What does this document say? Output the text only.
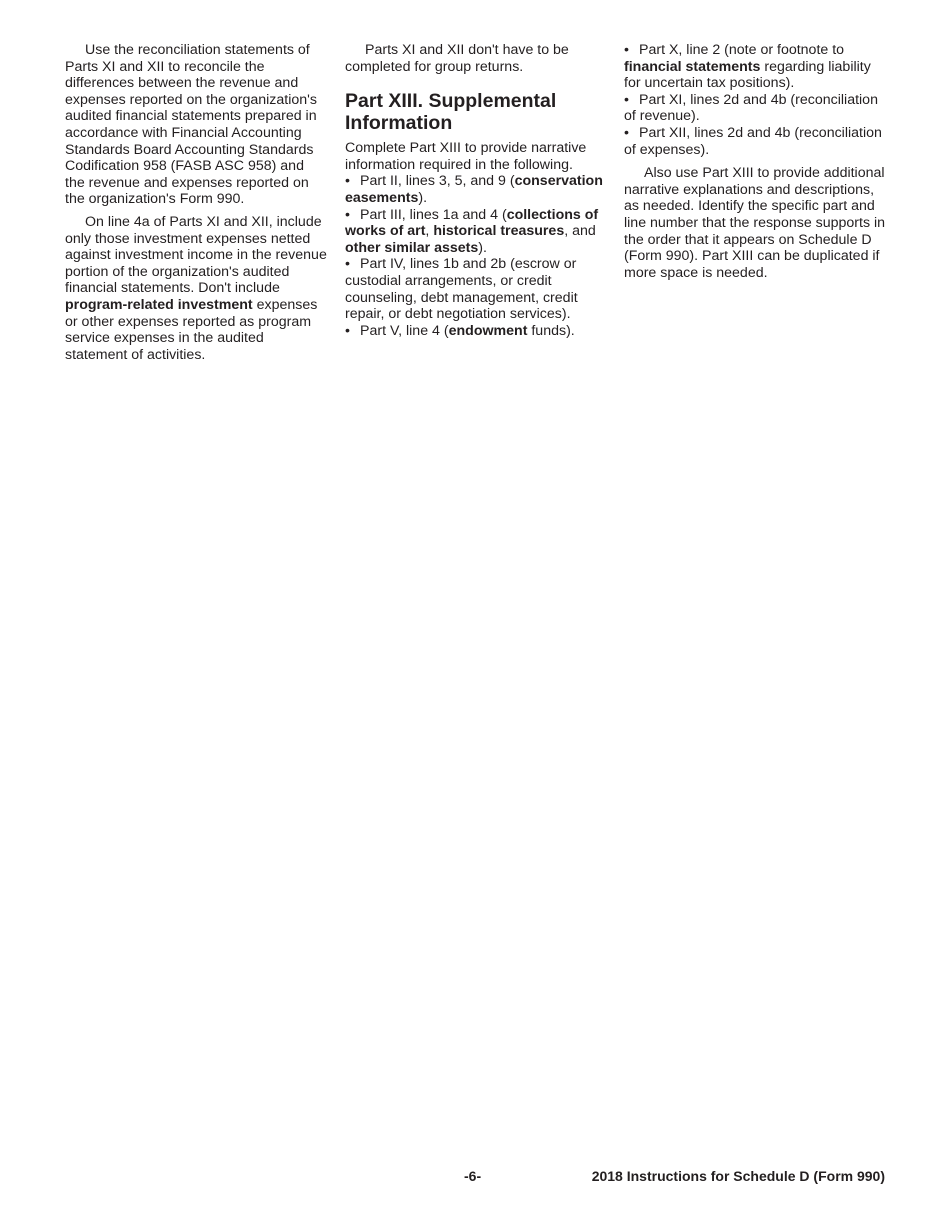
Use the reconciliation statements of Parts XI and XII to reconcile the differences between the revenue and expenses reported on the organization's audited financial statements prepared in accordance with Financial Accounting Standards Board Accounting Standards Codification 958 (FASB ASC 958) and the revenue and expenses reported on the organization's Form 990.

On line 4a of Parts XI and XII, include only those investment expenses netted against investment income in the revenue portion of the organization's audited financial statements. Don't include program-related investment expenses or other expenses reported as program service expenses in the audited statement of activities.

Parts XI and XII don't have to be completed for group returns.

Part XIII. Supplemental Information

Complete Part XIII to provide narrative information required in the following.

• Part II, lines 3, 5, and 9 (conservation easements).

• Part III, lines 1a and 4 (collections of works of art, historical treasures, and other similar assets).

• Part IV, lines 1b and 2b (escrow or custodial arrangements, or credit counseling, debt management, credit repair, or debt negotiation services).

• Part V, line 4 (endowment funds).

• Part X, line 2 (note or footnote to financial statements regarding liability for uncertain tax positions).

• Part XI, lines 2d and 4b (reconciliation of revenue).

• Part XII, lines 2d and 4b (reconciliation of expenses).

Also use Part XIII to provide additional narrative explanations and descriptions, as needed. Identify the specific part and line number that the response supports in the order that it appears on Schedule D (Form 990). Part XIII can be duplicated if more space is needed.

-6-	2018 Instructions for Schedule D (Form 990)
